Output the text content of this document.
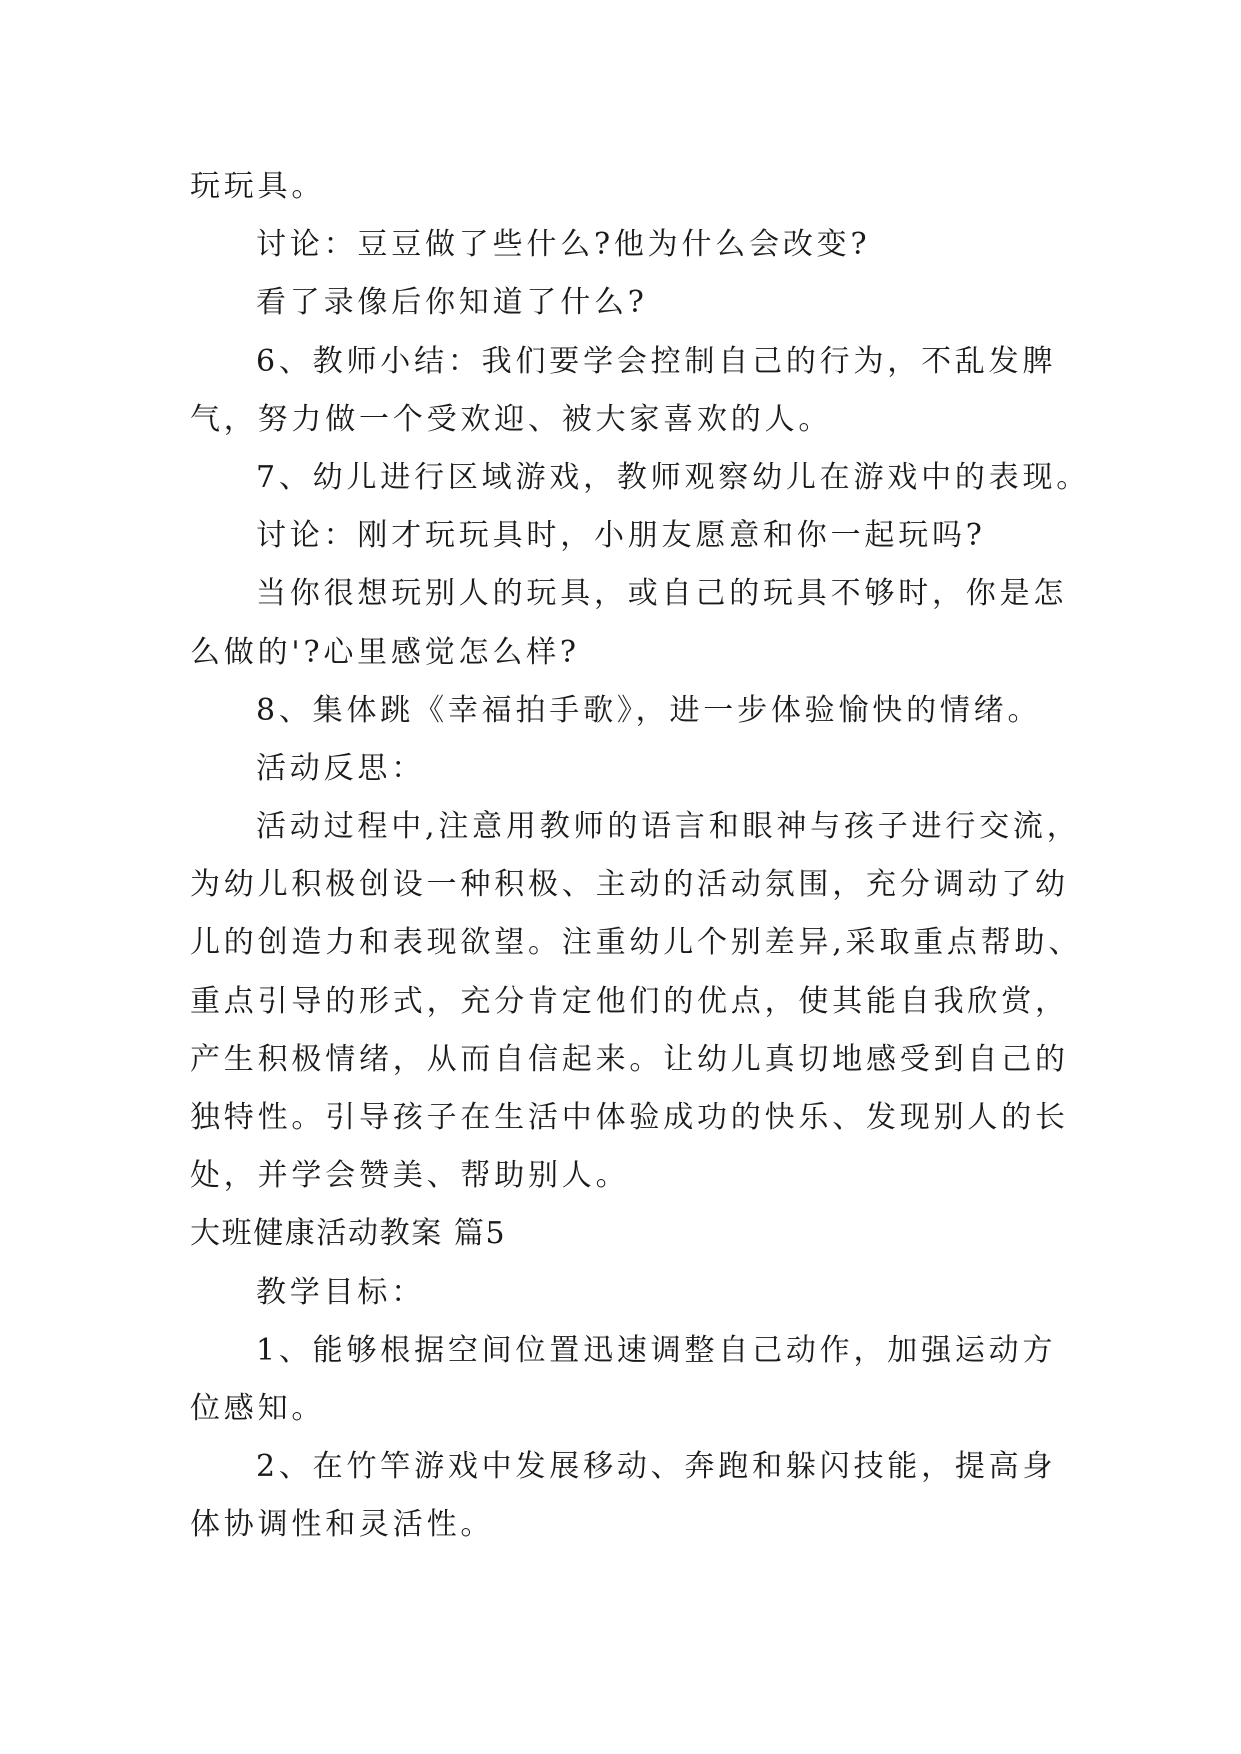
玩玩具。
讨论：豆豆做了些什么?他为什么会改变?
看了录像后你知道了什么?
6、教师小结：我们要学会控制自己的行为，不乱发脾
气，努力做一个受欢迎、被大家喜欢的人。
7、幼儿进行区域游戏，教师观察幼儿在游戏中的表现。
讨论：刚才玩玩具时，小朋友愿意和你一起玩吗?
当你很想玩别人的玩具，或自己的玩具不够时，你是怎
么做的'?心里感觉怎么样?
8、集体跳《幸福拍手歌》，进一步体验愉快的情绪。
活动反思：
活动过程中,注意用教师的语言和眼神与孩子进行交流，
为幼儿积极创设一种积极、主动的活动氛围，充分调动了幼
儿的创造力和表现欲望。注重幼儿个别差异,采取重点帮助、
重点引导的形式，充分肯定他们的优点，使其能自我欣赏，
产生积极情绪，从而自信起来。让幼儿真切地感受到自己的
独特性。引导孩子在生活中体验成功的快乐、发现别人的长
处，并学会赞美、帮助别人。
大班健康活动教案 篇5
教学目标：
1、能够根据空间位置迅速调整自己动作，加强运动方
位感知。
2、在竹竿游戏中发展移动、奔跑和躲闪技能，提高身
体协调性和灵活性。
